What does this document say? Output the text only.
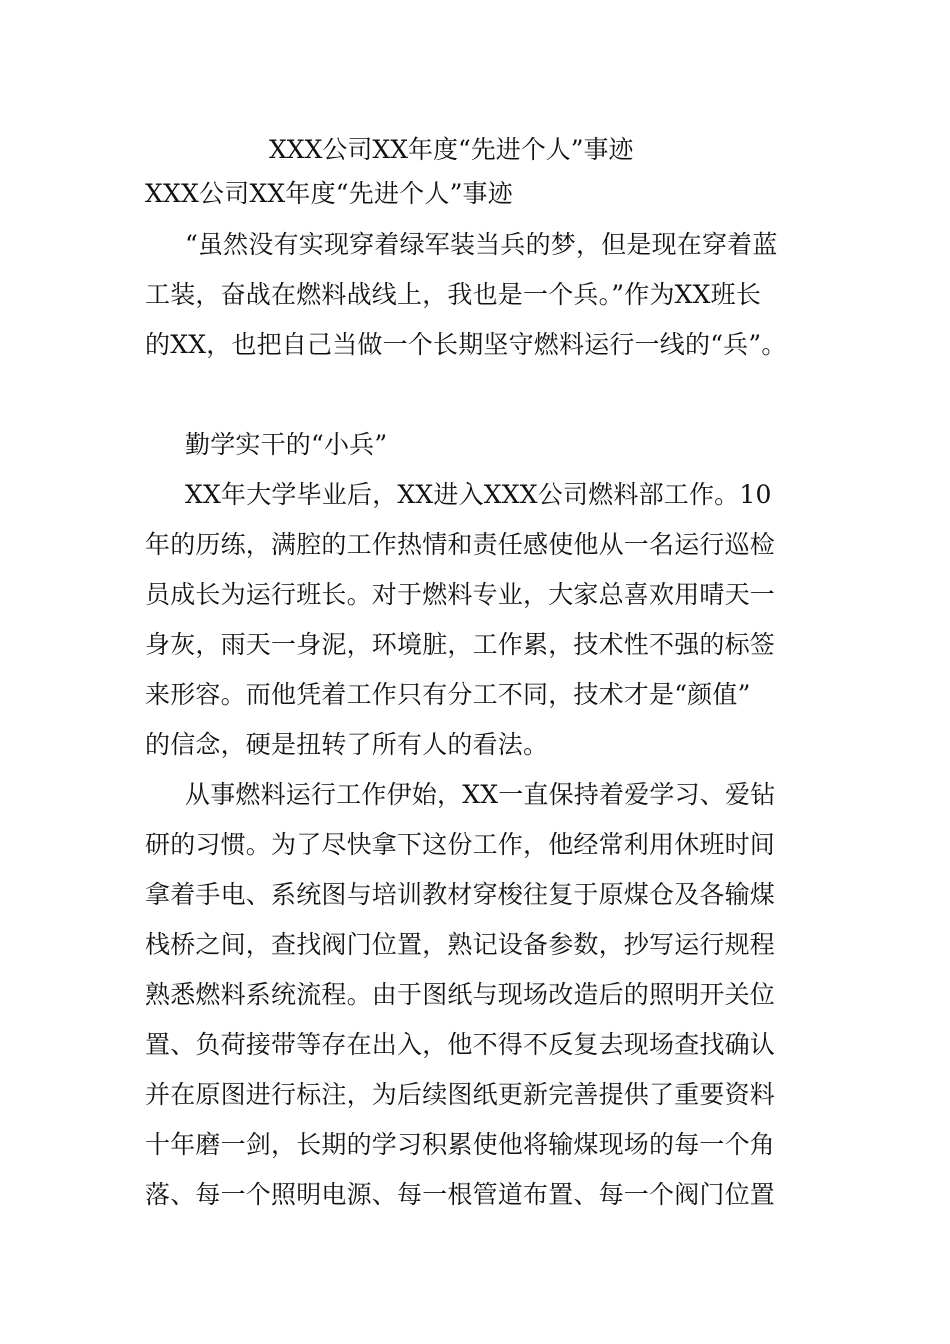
XXX公司XX年度“先进个人”事迹
XXX公司XX年度“先进个人”事迹
“虽然没有实现穿着绿军装当兵的梦，但是现在穿着蓝
工装，奋战在燃料战线上，我也是一个兵。”作为XX班长
的XX，也把自己当做一个长期坚守燃料运行一线的“兵”。
勤学实干的“小兵”
XX年大学毕业后，XX进入XXX公司燃料部工作。10
年的历练，满腔的工作热情和责任感使他从一名运行巡检
员成长为运行班长。对于燃料专业，大家总喜欢用晴天一
身灰，雨天一身泥，环境脏，工作累，技术性不强的标签
来形容。而他凭着工作只有分工不同，技术才是“颜值”
的信念，硬是扭转了所有人的看法。
从事燃料运行工作伊始，XX一直保持着爱学习、爱钻
研的习惯。为了尽快拿下这份工作，他经常利用休班时间
拿着手电、系统图与培训教材穿梭往复于原煤仓及各输煤
栈桥之间，查找阀门位置，熟记设备参数，抄写运行规程
熟悉燃料系统流程。由于图纸与现场改造后的照明开关位
置、负荷接带等存在出入，他不得不反复去现场查找确认
并在原图进行标注，为后续图纸更新完善提供了重要资料
十年磨一剑，长期的学习积累使他将输煤现场的每一个角
落、每一个照明电源、每一根管道布置、每一个阀门位置
